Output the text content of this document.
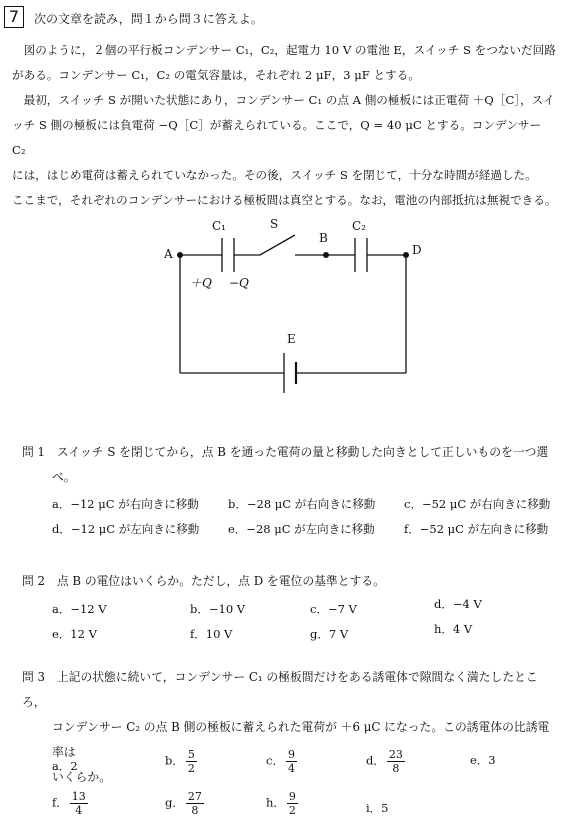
7	次の文章を読み，問１から問３に答えよ。

図のように，２個の平行板コンデンサー C₁，C₂，起電力 10 V の電池 E，スイッチ S をつないだ回路

がある。コンデンサー C₁，C₂ の電気容量は，それぞれ 2 μF，3 μF とする。

最初，スイッチ S が開いた状態にあり，コンデンサー C₁ の点 A 側の極板には正電荷 ＋Q［C］，スイ

ッチ S 側の極板には負電荷 −Q［C］が蓄えられている。ここで，Q = 40 μC とする。コンデンサー C₂

には，はじめ電荷は蓄えられていなかった。その後，スイッチ S を閉じて，十分な時間が経過した。

ここまで，それぞれのコンデンサーにおける極板間は真空とする。なお，電池の内部抵抗は無視できる。

C₁	S
B
C₂
A	D
＋Q −Q
E
問 1　スイッチ S を閉じてから，点 B を通った電荷の量と移動した向きとして正しいものを一つ選
べ。
a．−12 μC が右向きに移動	b．−28 μC が右向きに移動	c．−52 μC が右向きに移動
d．−12 μC が左向きに移動	e．−28 μC が左向きに移動	f．−52 μC が左向きに移動
問 2　点 B の電位はいくらか。ただし，点 D を電位の基準とする。
a．−12 V	b．−10 V	c．−7 V	d．−4 V
e．12 V	f．10 V	g．7 V	h．4 V
問 3　上記の状態に続いて，コンデンサー C₁ の極板間だけをある誘電体で隙間なく満たしたところ，
コンデンサー C₂ の点 B 側の極板に蓄えられた電荷が ＋6 μC になった。この誘電体の比誘電率は
いくらか。
a．2	b． $\frac{5}{2}$	c． $\frac{9}{4}$	d． $\frac{23}{8}$	e．3
f． $\frac{13}{4}$	g． $\frac{27}{8}$	h． $\frac{9}{2}$	i．5
